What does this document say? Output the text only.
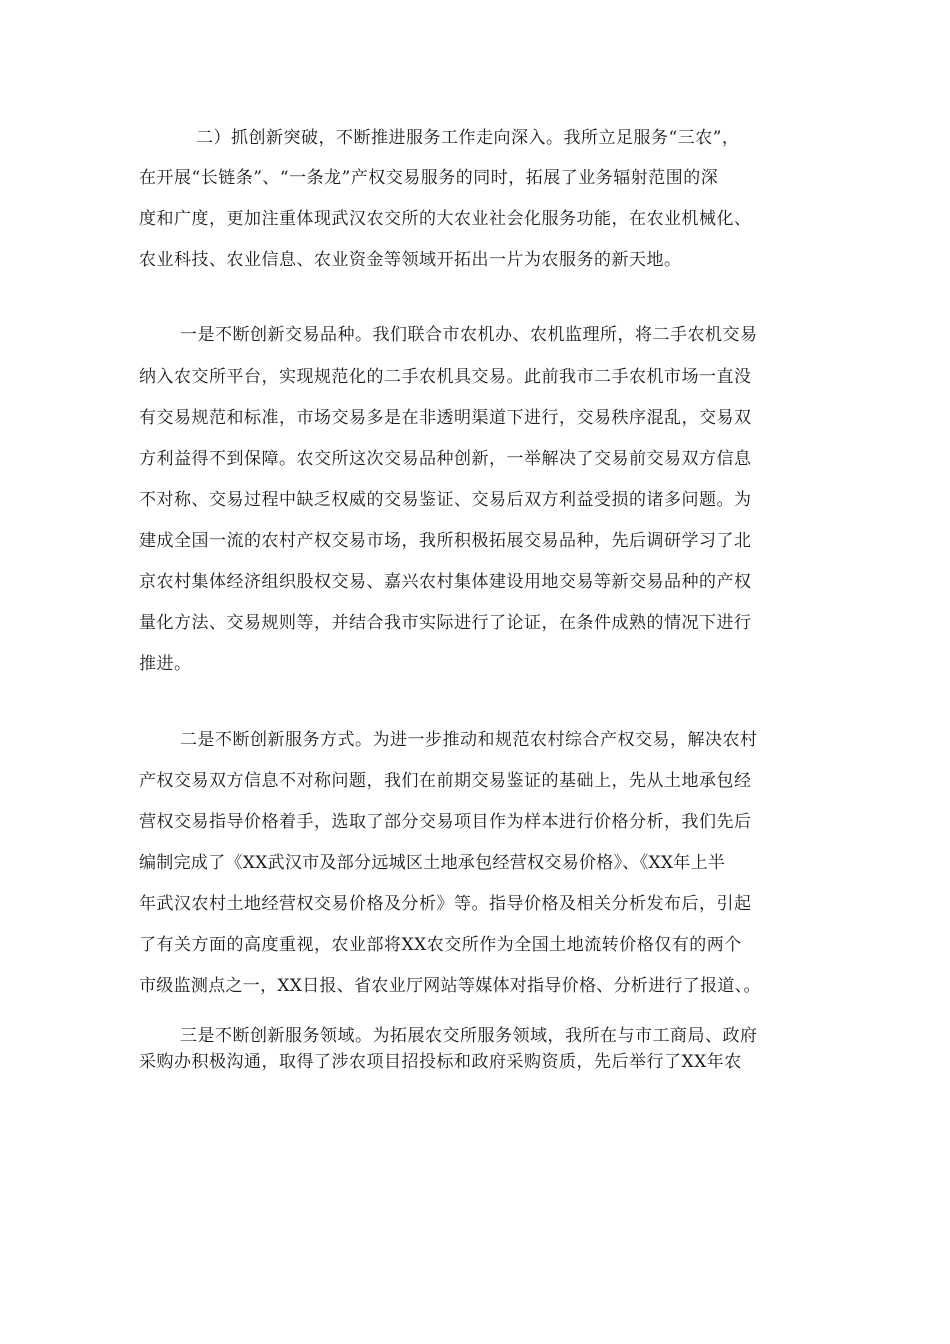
二）抓创新突破，不断推进服务工作走向深入。我所立足服务“三农”，
在开展“长链条”、“一条龙”产权交易服务的同时，拓展了业务辐射范围的深
度和广度，更加注重体现武汉农交所的大农业社会化服务功能，在农业机械化、
农业科技、农业信息、农业资金等领域开拓出一片为农服务的新天地。
一是不断创新交易品种。我们联合市农机办、农机监理所，将二手农机交易
纳入农交所平台，实现规范化的二手农机具交易。此前我市二手农机市场一直没
有交易规范和标准，市场交易多是在非透明渠道下进行，交易秩序混乱，交易双
方利益得不到保障。农交所这次交易品种创新，一举解决了交易前交易双方信息
不对称、交易过程中缺乏权威的交易鉴证、交易后双方利益受损的诸多问题。为
建成全国一流的农村产权交易市场，我所积极拓展交易品种，先后调研学习了北
京农村集体经济组织股权交易、嘉兴农村集体建设用地交易等新交易品种的产权
量化方法、交易规则等，并结合我市实际进行了论证，在条件成熟的情况下进行
推进。
二是不断创新服务方式。为进一步推动和规范农村综合产权交易，解决农村
产权交易双方信息不对称问题，我们在前期交易鉴证的基础上，先从土地承包经
营权交易指导价格着手，选取了部分交易项目作为样本进行价格分析，我们先后
编制完成了《XX武汉市及部分远城区土地承包经营权交易价格》、《XX年上半
年武汉农村土地经营权交易价格及分析》等。指导价格及相关分析发布后，引起
了有关方面的高度重视，农业部将XX农交所作为全国土地流转价格仅有的两个
市级监测点之一，XX日报、省农业厅网站等媒体对指导价格、分析进行了报道、。
三是不断创新服务领域。为拓展农交所服务领域，我所在与市工商局、政府
采购办积极沟通，取得了涉农项目招投标和政府采购资质，先后举行了XX年农
